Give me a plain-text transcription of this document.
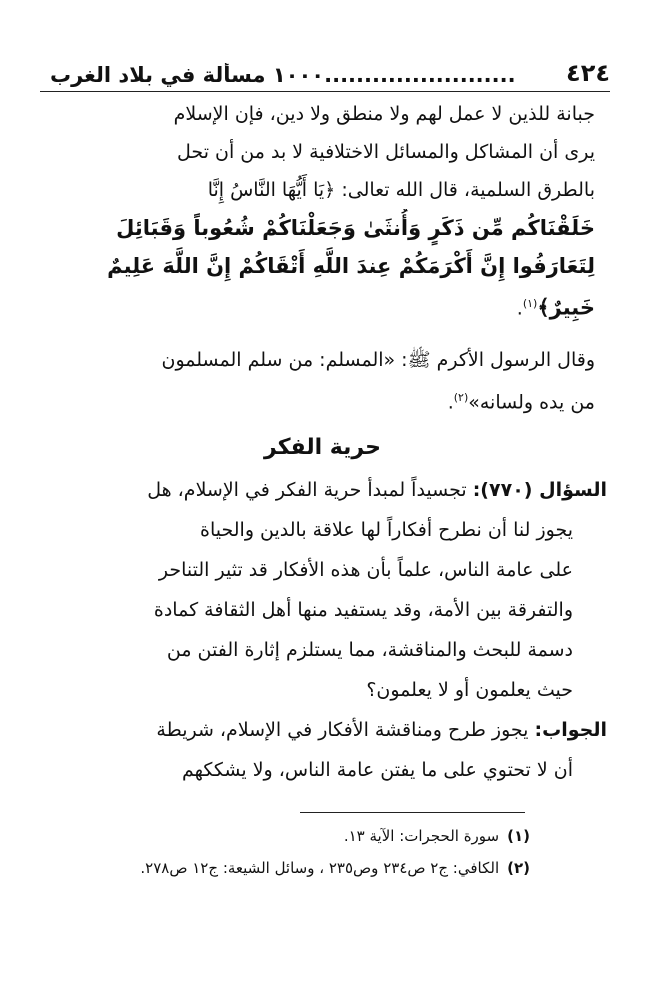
٤٢٤
........................١٠٠٠ مسألة في بلاد الغرب
جبانة للذين لا عمل لهم ولا منطق ولا دين، فإن الإسلام
يرى أن المشاكل والمسائل الاختلافية لا بد من أن تحل
بالطرق السلمية، قال الله تعالى: ﴿يَا أَيُّهَا النَّاسُ إِنَّا
خَلَقْنَاكُم مِّن ذَكَرٍ وَأُنثَىٰ وَجَعَلْنَاكُمْ شُعُوباً وَقَبَائِلَ
لِتَعَارَفُوا إِنَّ أَكْرَمَكُمْ عِندَ اللَّهِ أَتْقَاكُمْ إِنَّ اللَّهَ عَلِيمٌ
خَبِيرٌ﴾$^{(١)}$.
وقال الرسول الأكرم ﷺ: «المسلم: من سلم المسلمون
من يده ولسانه»$^{(٢)}$.
حرية الفكر
السؤال (٧٧٠): تجسيداً لمبدأ حرية الفكر في الإسلام، هل
يجوز لنا أن نطرح أفكاراً لها علاقة بالدين والحياة
على عامة الناس، علماً بأن هذه الأفكار قد تثير التناحر
والتفرقة بين الأمة، وقد يستفيد منها أهل الثقافة كمادة
دسمة للبحث والمناقشة، مما يستلزم إثارة الفتن من
حيث يعلمون أو لا يعلمون؟
الجواب: يجوز طرح ومناقشة الأفكار في الإسلام، شريطة
أن لا تحتوي على ما يفتن عامة الناس، ولا يشككهم
(١)سورة الحجرات: الآية ١٣.
(٢)الكافي: ج٢ ص٢٣٤ وص٢٣٥ ، وسائل الشيعة: ج١٢ ص٢٧٨.
